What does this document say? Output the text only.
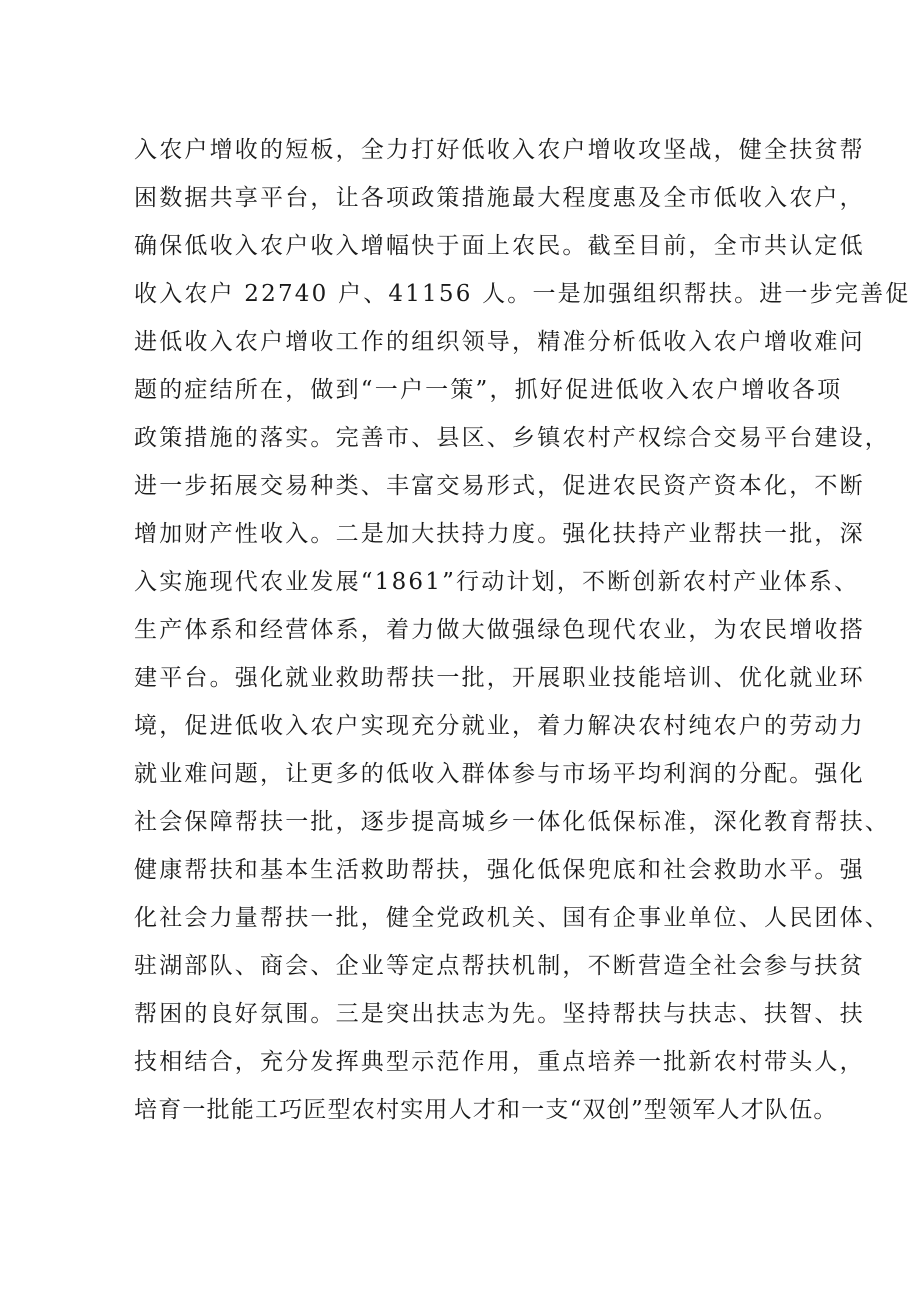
入农户增收的短板，全力打好低收入农户增收攻坚战，健全扶贫帮
困数据共享平台，让各项政策措施最大程度惠及全市低收入农户，
确保低收入农户收入增幅快于面上农民。截至目前，全市共认定低
收入农户 22740 户、41156 人。一是加强组织帮扶。进一步完善促
进低收入农户增收工作的组织领导，精准分析低收入农户增收难问
题的症结所在，做到“一户一策”，抓好促进低收入农户增收各项
政策措施的落实。完善市、县区、乡镇农村产权综合交易平台建设，
进一步拓展交易种类、丰富交易形式，促进农民资产资本化，不断
增加财产性收入。二是加大扶持力度。强化扶持产业帮扶一批，深
入实施现代农业发展“1861”行动计划，不断创新农村产业体系、
生产体系和经营体系，着力做大做强绿色现代农业，为农民增收搭
建平台。强化就业救助帮扶一批，开展职业技能培训、优化就业环
境，促进低收入农户实现充分就业，着力解决农村纯农户的劳动力
就业难问题，让更多的低收入群体参与市场平均利润的分配。强化
社会保障帮扶一批，逐步提高城乡一体化低保标准，深化教育帮扶、
健康帮扶和基本生活救助帮扶，强化低保兜底和社会救助水平。强
化社会力量帮扶一批，健全党政机关、国有企事业单位、人民团体、
驻湖部队、商会、企业等定点帮扶机制，不断营造全社会参与扶贫
帮困的良好氛围。三是突出扶志为先。坚持帮扶与扶志、扶智、扶
技相结合，充分发挥典型示范作用，重点培养一批新农村带头人，
培育一批能工巧匠型农村实用人才和一支“双创”型领军人才队伍。
